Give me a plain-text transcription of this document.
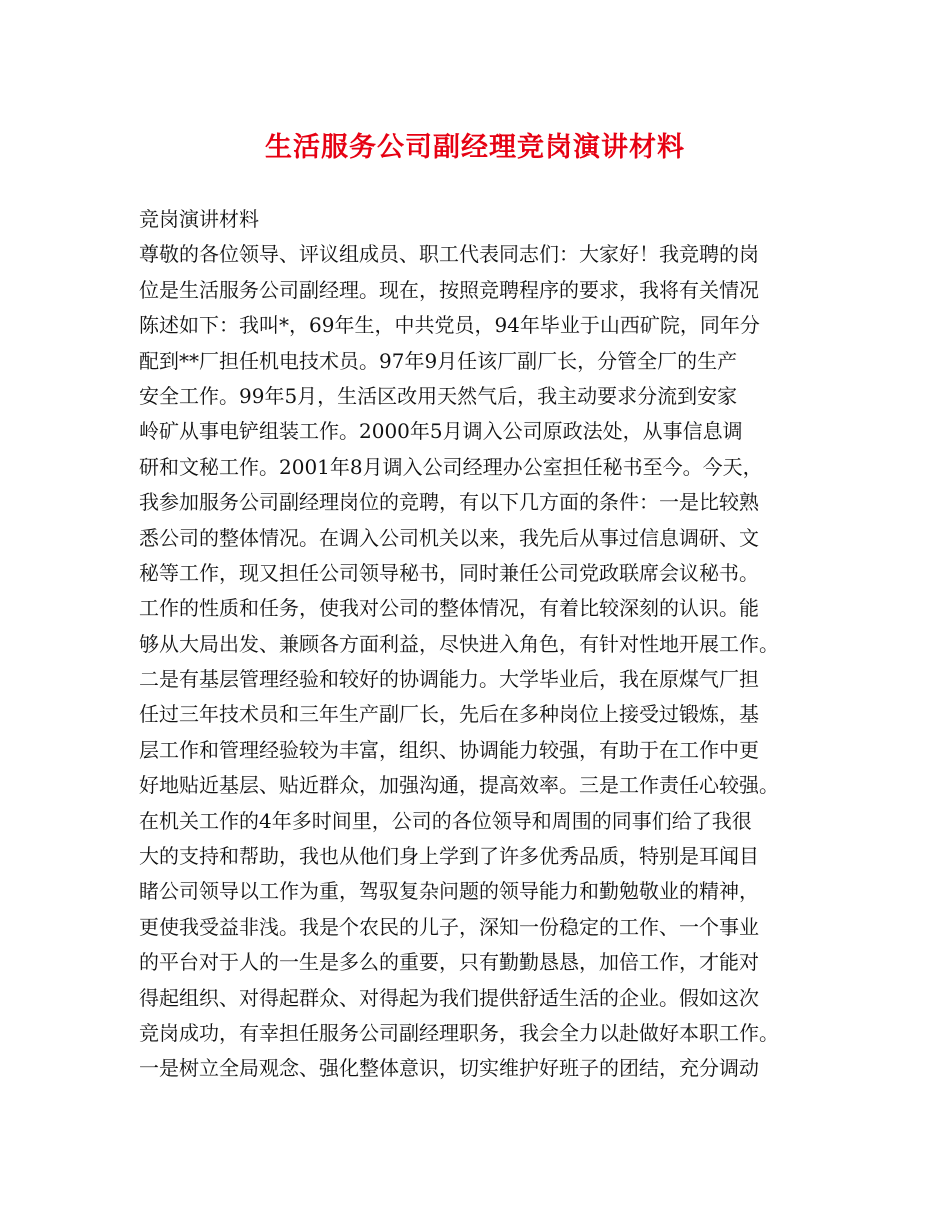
生活服务公司副经理竞岗演讲材料
竞岗演讲材料
尊敬的各位领导、评议组成员、职工代表同志们：大家好！我竞聘的岗
位是生活服务公司副经理。现在，按照竞聘程序的要求，我将有关情况
陈述如下：我叫*，69年生，中共党员，94年毕业于山西矿院，同年分
配到**厂担任机电技术员。97年9月任该厂副厂长，分管全厂的生产
安全工作。99年5月，生活区改用天然气后，我主动要求分流到安家
岭矿从事电铲组装工作。2000年5月调入公司原政法处，从事信息调
研和文秘工作。2001年8月调入公司经理办公室担任秘书至今。今天，
我参加服务公司副经理岗位的竞聘，有以下几方面的条件：一是比较熟
悉公司的整体情况。在调入公司机关以来，我先后从事过信息调研、文
秘等工作，现又担任公司领导秘书，同时兼任公司党政联席会议秘书。
工作的性质和任务，使我对公司的整体情况，有着比较深刻的认识。能
够从大局出发、兼顾各方面利益，尽快进入角色，有针对性地开展工作。
二是有基层管理经验和较好的协调能力。大学毕业后，我在原煤气厂担
任过三年技术员和三年生产副厂长，先后在多种岗位上接受过锻炼，基
层工作和管理经验较为丰富，组织、协调能力较强，有助于在工作中更
好地贴近基层、贴近群众，加强沟通，提高效率。三是工作责任心较强。
在机关工作的4年多时间里，公司的各位领导和周围的同事们给了我很
大的支持和帮助，我也从他们身上学到了许多优秀品质，特别是耳闻目
睹公司领导以工作为重，驾驭复杂问题的领导能力和勤勉敬业的精神，
更使我受益非浅。我是个农民的儿子，深知一份稳定的工作、一个事业
的平台对于人的一生是多么的重要，只有勤勤恳恳，加倍工作，才能对
得起组织、对得起群众、对得起为我们提供舒适生活的企业。假如这次
竞岗成功，有幸担任服务公司副经理职务，我会全力以赴做好本职工作。
一是树立全局观念、强化整体意识，切实维护好班子的团结，充分调动
